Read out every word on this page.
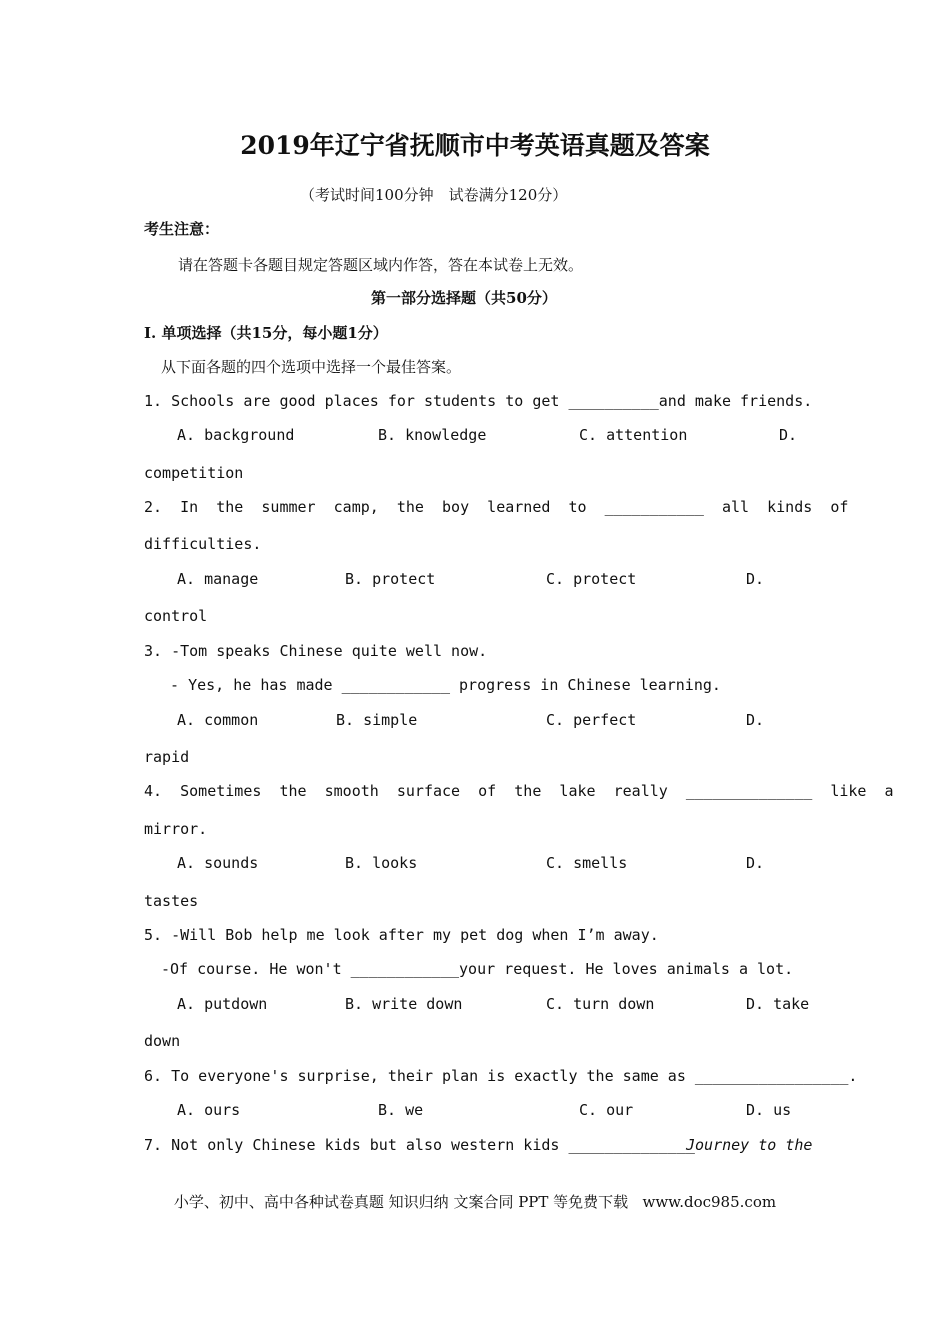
2019年辽宁省抚顺市中考英语真题及答案
（考试时间100分钟　试卷满分120分）
考生注意：
请在答题卡各题目规定答题区域内作答，答在本试卷上无效。
第一部分选择题（共50分）
I. 单项选择（共15分，每小题1分）
从下面各题的四个选项中选择一个最佳答案。
1. Schools are good places for students to get __________and make friends.
A. background	B. knowledge	C. attention	D.
competition
2.  In  the  summer  camp,  the  boy  learned  to  ___________  all  kinds  of
difficulties.
A. manage	B. protect	C. protect	D.
control
3. -Tom speaks Chinese quite well now.
- Yes, he has made ____________ progress in Chinese learning.
A. common	B. simple	C. perfect	D.
rapid
4.  Sometimes  the  smooth  surface  of  the  lake  really  ______________  like  a
mirror.
A. sounds	B. looks	C. smells	D.
tastes
5. -Will Bob help me look after my pet dog when I’m away.
-Of course. He won't ____________your request. He loves animals a lot.
A. putdown	B. write down	C. turn down	D. take
down
6. To everyone's surprise, their plan is exactly the same as _________________.
A. ours	B. we	C. our	D. us
7. Not only Chinese kids but also western kids ______________
Journey to the
小学、初中、高中各种试卷真题 知识归纳 文案合同 PPT 等免费下载   www.doc985.com
